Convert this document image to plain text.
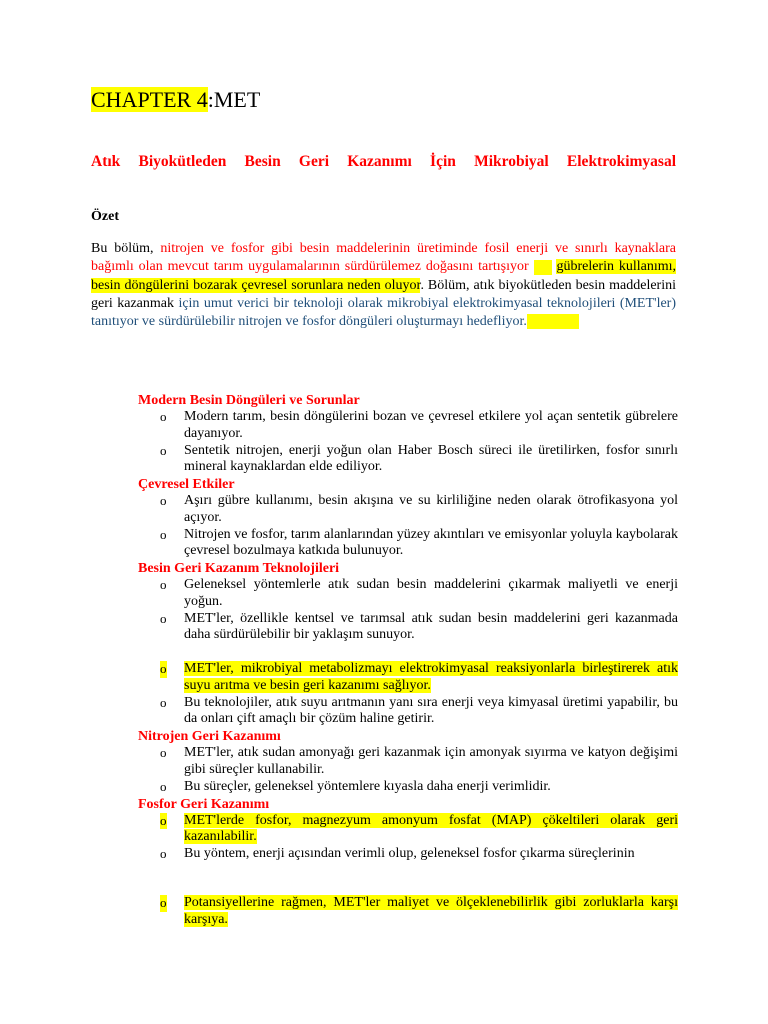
CHAPTER 4:MET
Atık Biyokütleden Besin Geri Kazanımı İçin Mikrobiyal Elektrokimyasal
Özet
Bu bölüm, nitrojen ve fosfor gibi besin maddelerinin üretiminde fosil enerji ve sınırlı kaynaklara bağımlı olan mevcut tarım uygulamalarının sürdürülemez doğasını tartışıyor  gübrelerin kullanımı, besin döngülerini bozarak çevresel sorunlara neden oluyor. Bölüm, atık biyokütleden besin maddelerini geri kazanmak için umut verici bir teknoloji olarak mikrobiyal elektrokimyasal teknolojileri (MET'ler) tanıtıyor ve sürdürülebilir nitrojen ve fosfor döngüleri oluşturmayı hedefliyor.
Modern Besin Döngüleri ve Sorunlar
o Modern tarım, besin döngülerini bozan ve çevresel etkilere yol açan sentetik gübrelere dayanıyor.
o Sentetik nitrojen, enerji yoğun olan Haber Bosch süreci ile üretilirken, fosfor sınırlı mineral kaynaklardan elde ediliyor.
Çevresel Etkiler
o Aşırı gübre kullanımı, besin akışına ve su kirliliğine neden olarak ötrofikasyona yol açıyor.
o Nitrojen ve fosfor, tarım alanlarından yüzey akıntıları ve emisyonlar yoluyla kaybolarak çevresel bozulmaya katkıda bulunuyor.
Besin Geri Kazanım Teknolojileri
o Geleneksel yöntemlerle atık sudan besin maddelerini çıkarmak maliyetli ve enerji yoğun.
o MET'ler, özellikle kentsel ve tarımsal atık sudan besin maddelerini geri kazanmada daha sürdürülebilir bir yaklaşım sunuyor.
o MET'ler, mikrobiyal metabolizmayı elektrokimyasal reaksiyonlarla birleştirerek atık suyu arıtma ve besin geri kazanımı sağlıyor.
o Bu teknolojiler, atık suyu arıtmanın yanı sıra enerji veya kimyasal üretimi yapabilir, bu da onları çift amaçlı bir çözüm haline getirir.
Nitrojen Geri Kazanımı
o MET'ler, atık sudan amonyağı geri kazanmak için amonyak sıyırma ve katyon değişimi gibi süreçler kullanabilir.
o Bu süreçler, geleneksel yöntemlere kıyasla daha enerji verimlidir.
Fosfor Geri Kazanımı
o MET'lerde fosfor, magnezyum amonyum fosfat (MAP) çökeltileri olarak geri kazanılabilir.
o Bu yöntem, enerji açısından verimli olup, geleneksel fosfor çıkarma süreçlerinin
o Potansiyellerine rağmen, MET'ler maliyet ve ölçeklenebilirlik gibi zorluklarla karşı karşıya.
